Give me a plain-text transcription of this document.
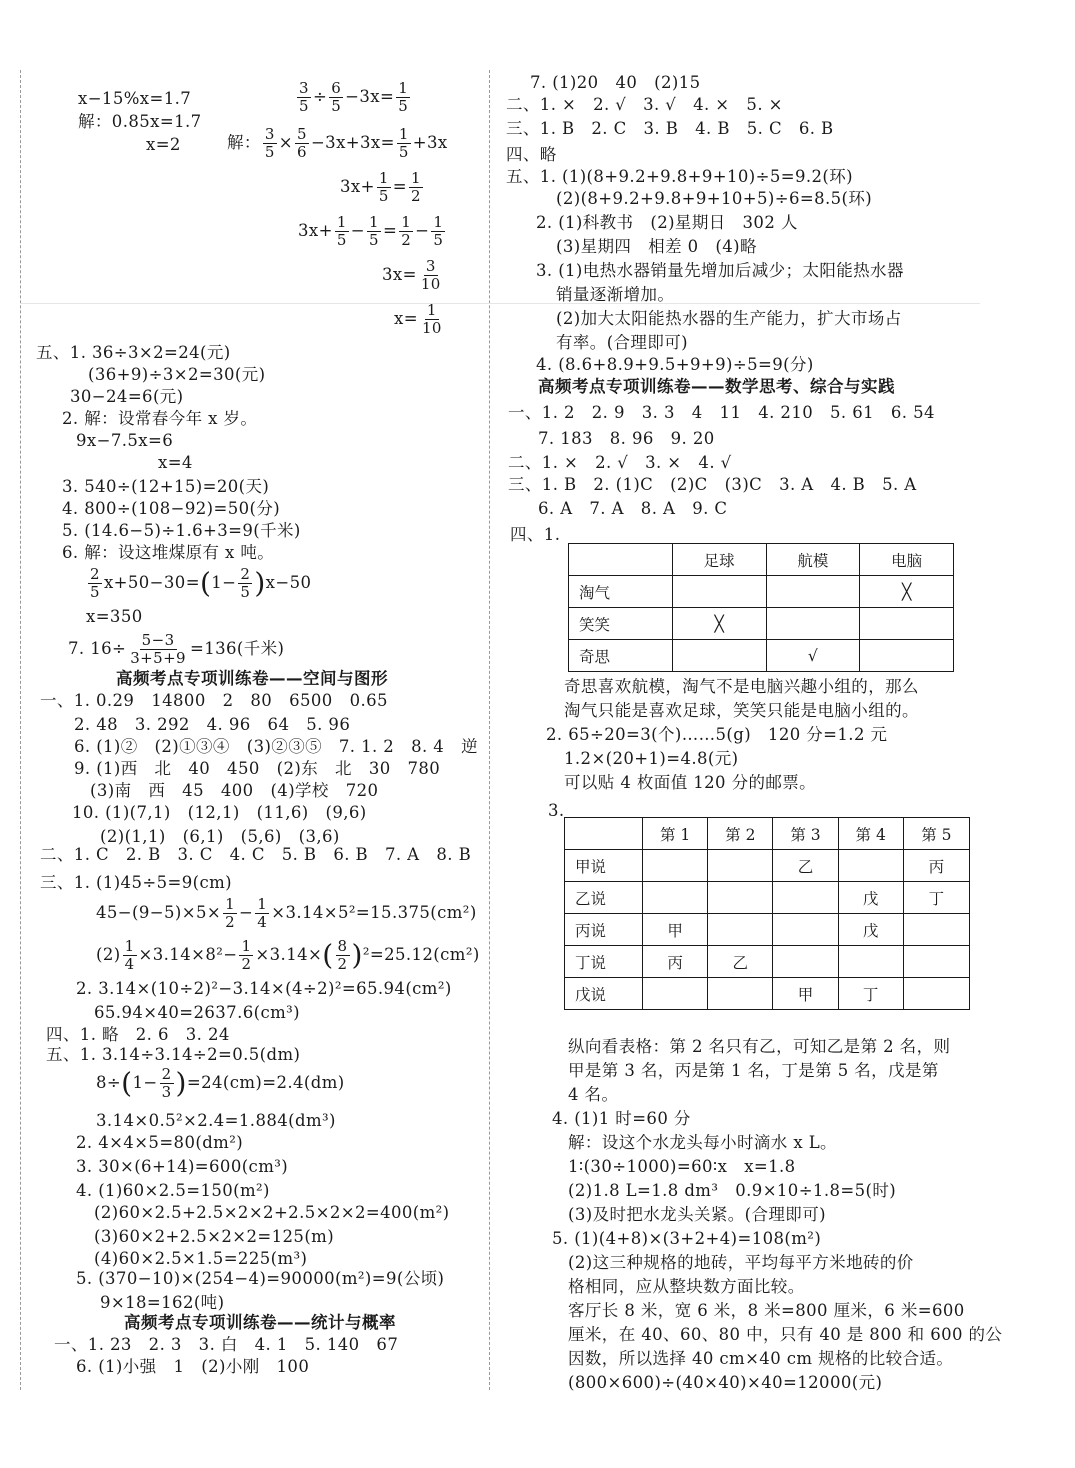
x−15%x=1.7
解：0.85x=1.7
x=2
$\frac{3}{5} \div \frac{6}{5} -3x= \frac{1}{5}$
解： $\frac{3}{5} \times \frac{5}{6} -3x+3x= \frac{1}{5} +3x$
$3x+ \frac{1}{5} = \frac{1}{2}$
$3x+ \frac{1}{5} - \frac{1}{5} = \frac{1}{2} - \frac{1}{5}$
$3x= \frac{3}{10}$
$x= \frac{1}{10}$
五、1. 36÷3×2=24(元)
(36+9)÷3×2=30(元)
30−24=6(元)
2. 解：设常春今年 x 岁。
9x−7.5x=6
x=4
3. 540÷(12+15)=20(天)
4. 800÷(108−92)=50(分)
5. (14.6−5)÷1.6+3=9(千米)
6. 解：设这堆煤原有 x 吨。
$\frac{2}{5} x+50-30=(1- \frac{2}{5} )x-50$
x=350
7. $16\div \frac{5-3}{3+5+9} =136$(千米)
高频考点专项训练卷——空间与图形
一、1. 0.29　14800　2　80　6500　0.65
2. 48　3. 292　4. 96　64　5. 96
6. (1)②　(2)①③④　(3)②③⑤　7. 1. 2　8. 4　逆
9. (1)西　北　40　450　(2)东　北　30　780
(3)南　西　45　400　(4)学校　720
10. (1)(7,1)　(12,1)　(11,6)　(9,6)
(2)(1,1)　(6,1)　(5,6)　(3,6)
二、1. C　2. B　3. C　4. C　5. B　6. B　7. A　8. B
三、1. (1)45÷5=9(cm)
$45-(9-5)\times 5\times \frac{1}{2} - \frac{1}{4} \times 3.14\times 5^2=15.375(cm^2)$
$(2) \frac{1}{4} \times 3.14\times 8^2- \frac{1}{2} \times 3.14\times( \frac{8}{2} )^2=25.12(cm^2)$
2. 3.14×(10÷2)²−3.14×(4÷2)²=65.94(cm²)
65.94×40=2637.6(cm³)
四、1. 略　2. 6　3. 24
五、1. 3.14÷3.14÷2=0.5(dm)
$8\div(1- \frac{2}{3} )=24(cm)=2.4(dm)$
3.14×0.5²×2.4=1.884(dm³)
2. 4×4×5=80(dm²)
3. 30×(6+14)=600(cm³)
4. (1)60×2.5=150(m²)
(2)60×2.5+2.5×2×2+2.5×2×2=400(m²)
(3)60×2+2.5×2×2=125(m)
(4)60×2.5×1.5=225(m³)
5. (370−10)×(254−4)=90000(m²)=9(公顷)
9×18=162(吨)
高频考点专项训练卷——统计与概率
一、1. 23　2. 3　3. 白　4. 1　5. 140　67
6. (1)小强　1　(2)小刚　100
7. (1)20　40　(2)15
二、1. ×　2. √　3. √　4. ×　5. ×
三、1. B　2. C　3. B　4. B　5. C　6. B
四、略
五、1. (1)(8+9.2+9.8+9+10)÷5=9.2(环)
(2)(8+9.2+9.8+9+10+5)÷6=8.5(环)
2. (1)科教书　(2)星期日　302 人
(3)星期四　相差 0　(4)略
3. (1)电热水器销量先增加后减少；太阳能热水器
销量逐渐增加。
(2)加大太阳能热水器的生产能力，扩大市场占
有率。(合理即可)
4. (8.6+8.9+9.5+9+9)÷5=9(分)
高频考点专项训练卷——数学思考、综合与实践
一、1. 2　2. 9　3. 3　4　11　4. 210　5. 61　6. 54
7. 183　8. 96　9. 20
二、1. ×　2. √　3. ×　4. √
三、1. B　2. (1)C　(2)C　(3)C　3. A　4. B　5. A
6. A　7. A　8. A　9. C
四、1.
	足球	航模	电脑
淘气			╳
笑笑	╳		
奇思		√	
奇思喜欢航模，淘气不是电脑兴趣小组的，那么
淘气只能是喜欢足球，笑笑只能是电脑小组的。
2. 65÷20=3(个)……5(g)　120 分=1.2 元
1.2×(20+1)=4.8(元)
可以贴 4 枚面值 120 分的邮票。
3.
	第 1	第 2	第 3	第 4	第 5
甲说			乙		丙
乙说				戊	丁
丙说	甲			戊	
丁说	丙	乙			
戊说			甲	丁	
纵向看表格：第 2 名只有乙，可知乙是第 2 名，则
甲是第 3 名，丙是第 1 名，丁是第 5 名，戊是第
4 名。
4. (1)1 时=60 分
解：设这个水龙头每小时滴水 x L。
1∶(30÷1000)=60∶x　x=1.8
(2)1.8 L=1.8 dm³　0.9×10÷1.8=5(时)
(3)及时把水龙头关紧。(合理即可)
5. (1)(4+8)×(3+2+4)=108(m²)
(2)这三种规格的地砖，平均每平方米地砖的价
格相同，应从整块数方面比较。
客厅长 8 米，宽 6 米，8 米=800 厘米，6 米=600
厘米，在 40、60、80 中，只有 40 是 800 和 600 的公
因数，所以选择 40 cm×40 cm 规格的比较合适。
(800×600)÷(40×40)×40=12000(元)
